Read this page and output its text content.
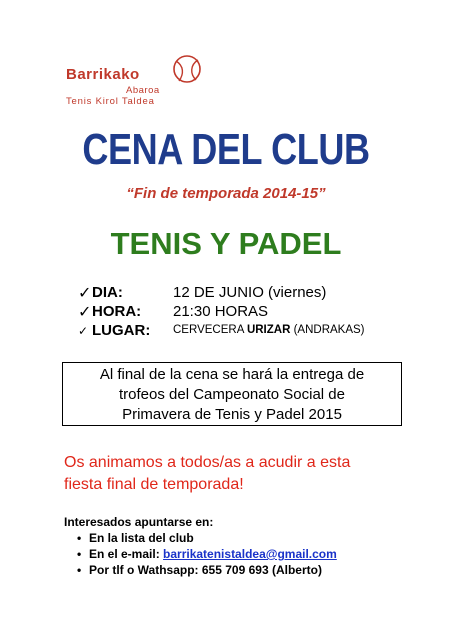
Barrikako
Abaroa
Tenis Kirol Taldea
CENA DEL CLUB
“Fin de temporada 2014-15”
TENIS Y PADEL
✓ DIA:	12 DE JUNIO (viernes)
✓ HORA: 21:30 HORAS
✓ LUGAR: CERVECERA URIZAR (ANDRAKAS)
Al final de la cena se hará la entrega de
trofeos del Campeonato Social de
Primavera de Tenis y Padel 2015
Os animamos a todos/as a acudir a esta
fiesta final de temporada!
Interesados apuntarse en:
• En la lista del club
• En el e-mail: barrikatenistaldea@gmail.com
• Por tlf o Wathsapp: 655 709 693 (Alberto)
